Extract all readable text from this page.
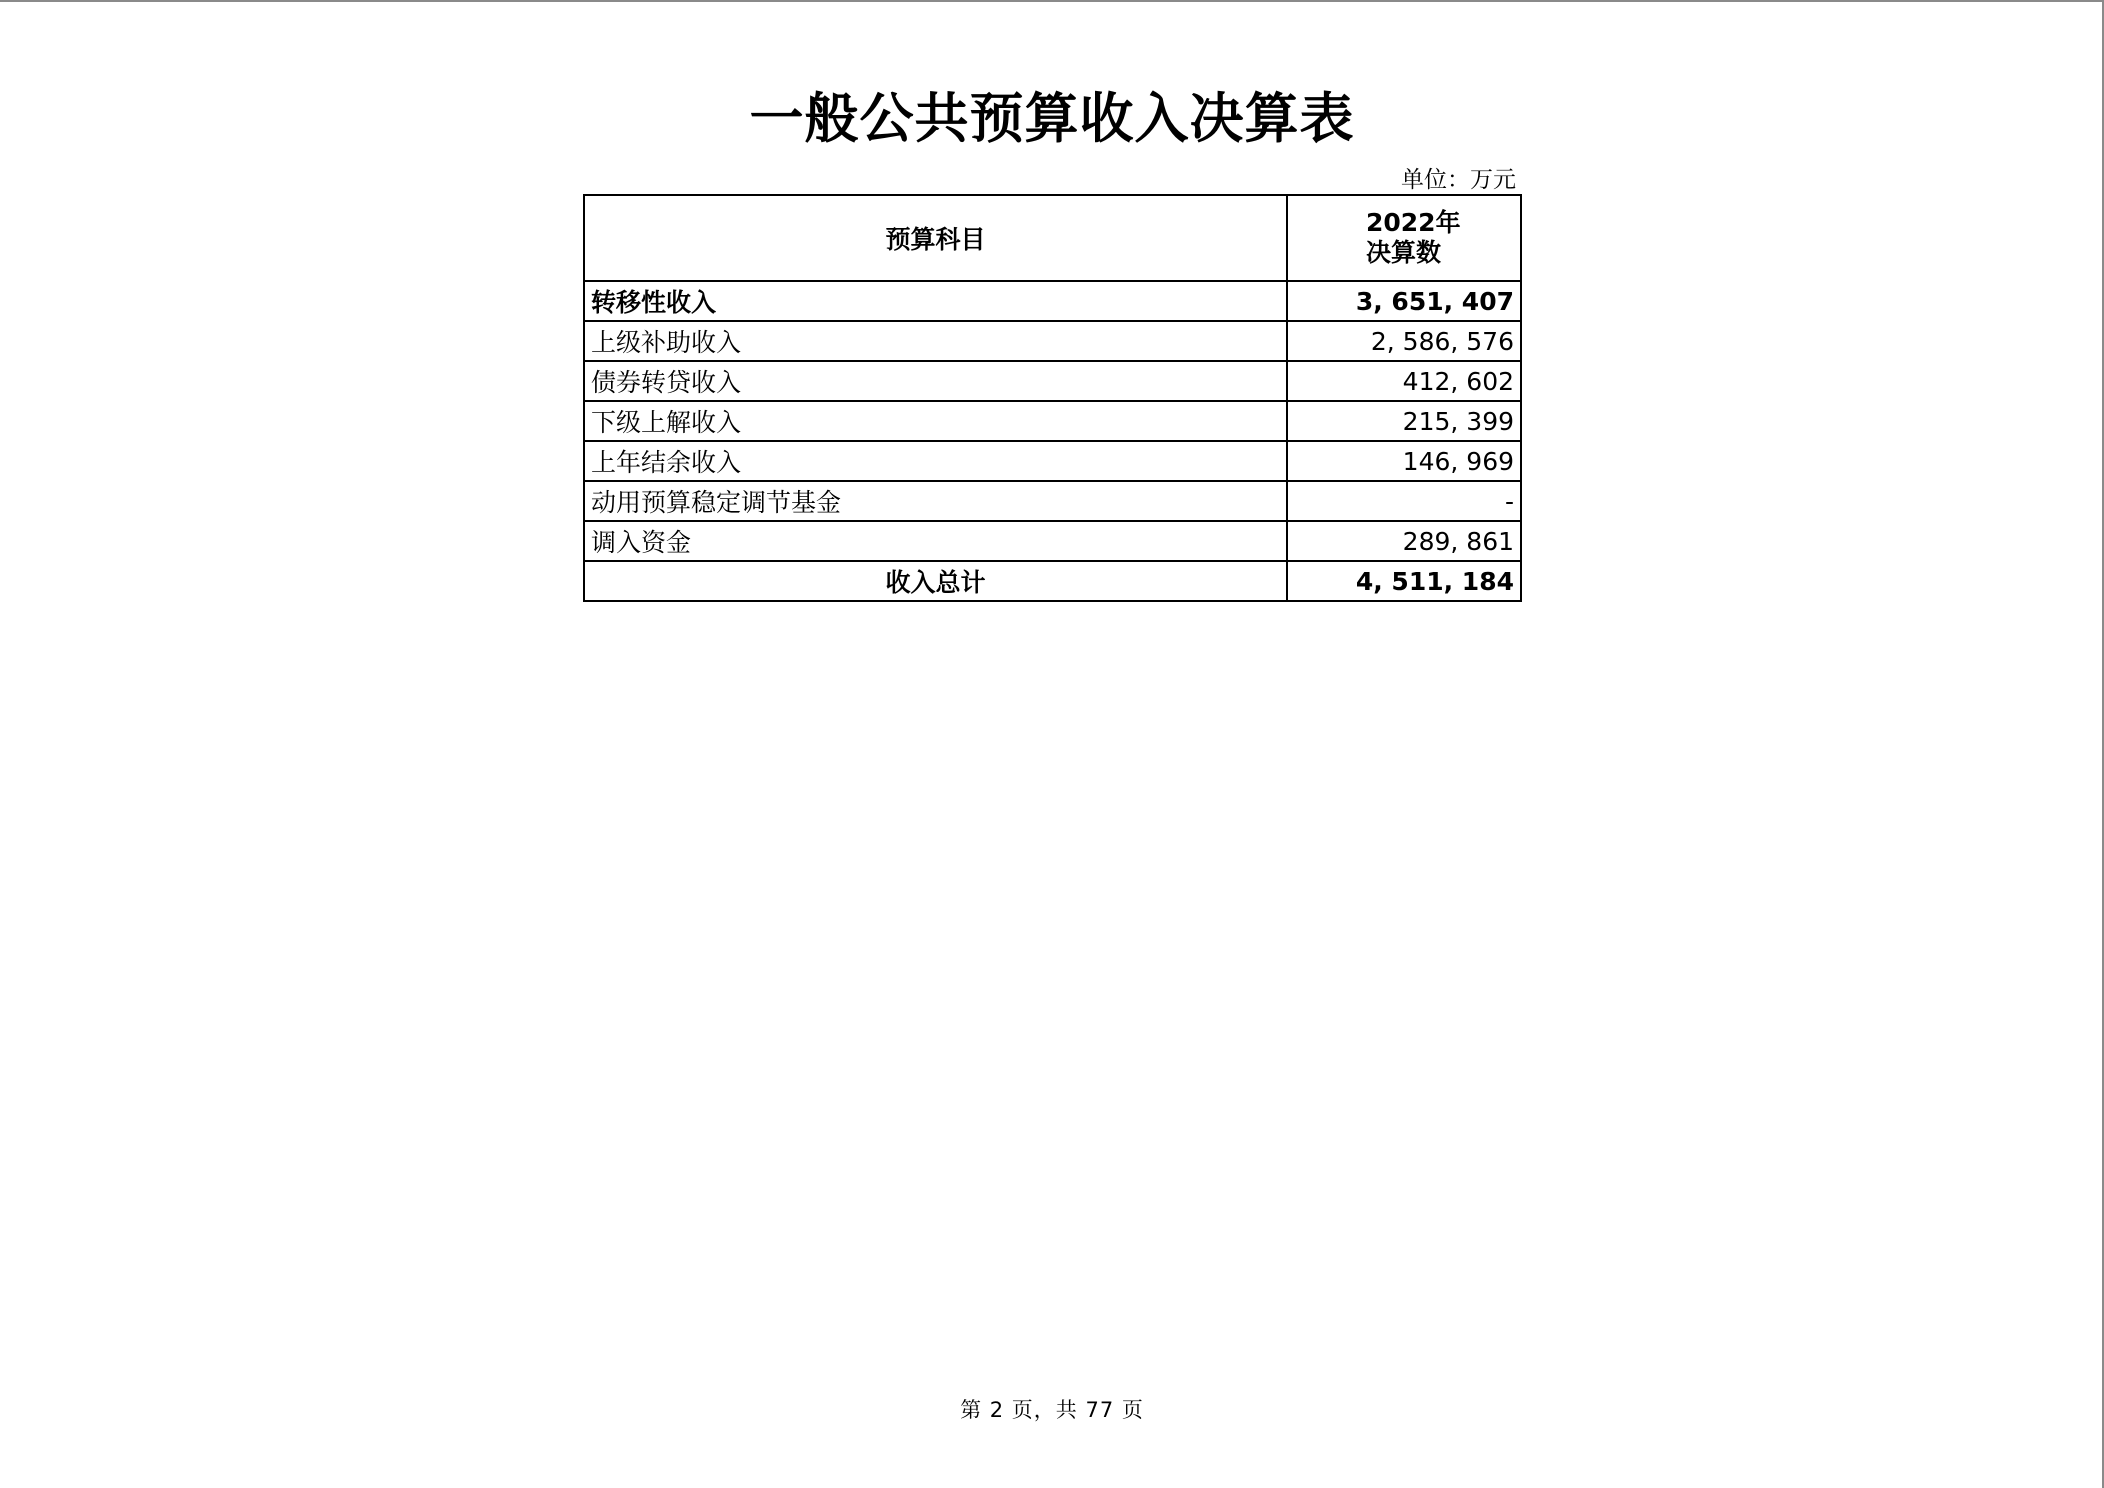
一般公共预算收入决算表
单位：万元
预算科目	2022年
决算数

转移性收入	3, 651, 407
上级补助收入	2, 586, 576
债券转贷收入	412, 602
下级上解收入	215, 399
上年结余收入	146, 969
动用预算稳定调节基金	-
调入资金	289, 861
收入总计	4, 511, 184
第 2 页，共 77 页
